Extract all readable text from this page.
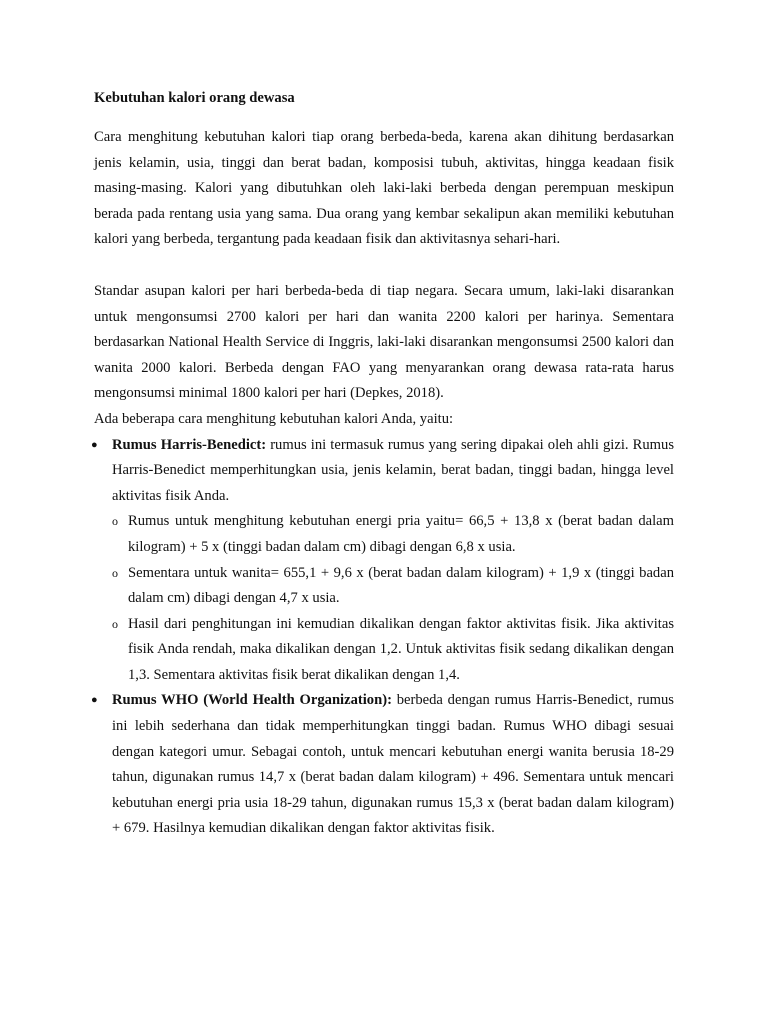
Kebutuhan kalori orang dewasa

Cara menghitung kebutuhan kalori tiap orang berbeda-beda, karena akan dihitung berdasarkan jenis kelamin, usia, tinggi dan berat badan, komposisi tubuh, aktivitas, hingga keadaan fisik masing-masing. Kalori yang dibutuhkan oleh laki-laki berbeda dengan perempuan meskipun berada pada rentang usia yang sama. Dua orang yang kembar sekalipun akan memiliki kebutuhan kalori yang berbeda, tergantung pada keadaan fisik dan aktivitasnya sehari-hari.

Standar asupan kalori per hari berbeda-beda di tiap negara. Secara umum, laki-laki disarankan untuk mengonsumsi 2700 kalori per hari dan wanita 2200 kalori per harinya. Sementara berdasarkan National Health Service di Inggris, laki-laki disarankan mengonsumsi 2500 kalori dan wanita 2000 kalori. Berbeda dengan FAO yang menyarankan orang dewasa rata-rata harus mengonsumsi minimal 1800 kalori per hari (Depkes, 2018).

Ada beberapa cara menghitung kebutuhan kalori Anda, yaitu:

● Rumus Harris-Benedict: rumus ini termasuk rumus yang sering dipakai oleh ahli gizi. Rumus Harris-Benedict memperhitungkan usia, jenis kelamin, berat badan, tinggi badan, hingga level aktivitas fisik Anda.
o Rumus untuk menghitung kebutuhan energi pria yaitu= 66,5 + 13,8 x (berat badan dalam kilogram) + 5 x (tinggi badan dalam cm) dibagi dengan 6,8 x usia.
o Sementara untuk wanita= 655,1 + 9,6 x (berat badan dalam kilogram) + 1,9 x (tinggi badan dalam cm) dibagi dengan 4,7 x usia.
o Hasil dari penghitungan ini kemudian dikalikan dengan faktor aktivitas fisik. Jika aktivitas fisik Anda rendah, maka dikalikan dengan 1,2. Untuk aktivitas fisik sedang dikalikan dengan 1,3. Sementara aktivitas fisik berat dikalikan dengan 1,4.
● Rumus WHO (World Health Organization): berbeda dengan rumus Harris-Benedict, rumus ini lebih sederhana dan tidak memperhitungkan tinggi badan. Rumus WHO dibagi sesuai dengan kategori umur. Sebagai contoh, untuk mencari kebutuhan energi wanita berusia 18-29 tahun, digunakan rumus 14,7 x (berat badan dalam kilogram) + 496. Sementara untuk mencari kebutuhan energi pria usia 18-29 tahun, digunakan rumus 15,3 x (berat badan dalam kilogram) + 679. Hasilnya kemudian dikalikan dengan faktor aktivitas fisik.
